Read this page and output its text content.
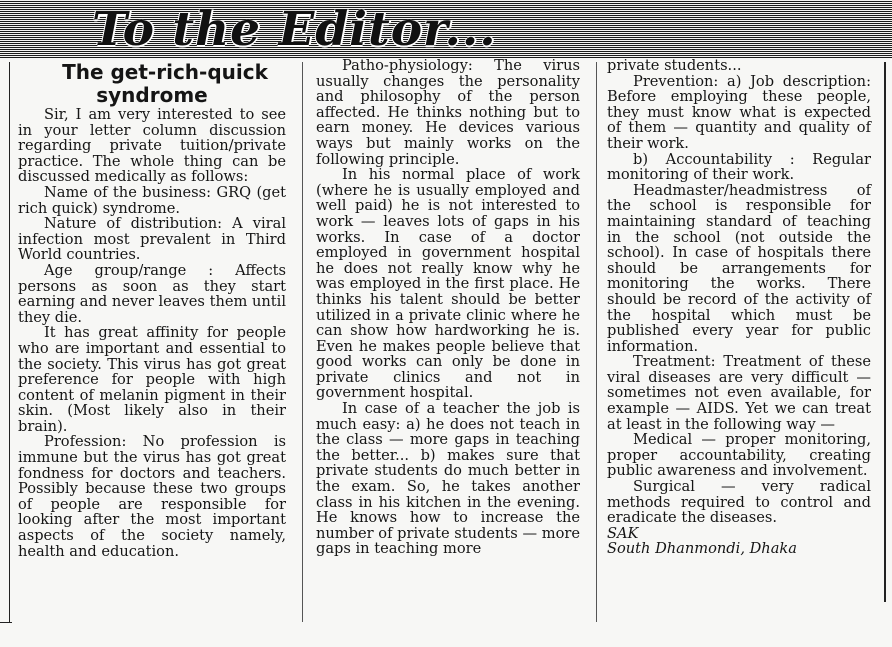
To the Editor...

The get-rich-quick syndrome

Sir, I am very interested to see in your letter column discussion regarding private tuition/private practice. The whole thing can be discussed medically as follows:

Name of the business: GRQ (get rich quick) syndrome.

Nature of distribution: A viral infection most prevalent in Third World countries.

Age group/range : Affects persons as soon as they start earning and never leaves them until they die.

It has great affinity for people who are important and essential to the society. This virus has got great preference for people with high content of melanin pigment in their skin. (Most likely also in their brain).

Profession: No profession is immune but the virus has got great fondness for doctors and teachers. Possibly because these two groups of people are responsible for looking after the most important aspects of the society namely, health and education.

Patho-physiology: The virus usually changes the personality and philosophy of the person affected. He thinks nothing but to earn money. He devices various ways but mainly works on the following principle.

In his normal place of work (where he is usually employed and well paid) he is not interested to work — leaves lots of gaps in his works. In case of a doctor employed in government hospital he does not really know why he was employed in the first place. He thinks his talent should be better utilized in a private clinic where he can show how hardworking he is. Even he makes people believe that good works can only be done in private clinics and not in government hospital.

In case of a teacher the job is much easy: a) he does not teach in the class — more gaps in teaching the better... b) makes sure that private students do much better in the exam. So, he takes another class in his kitchen in the evening. He knows how to increase the number of private students — more gaps in teaching more

private students...

Prevention: a) Job description: Before employing these people, they must know what is expected of them — quantity and quality of their work.

b) Accountability : Regular monitoring of their work.

Headmaster/headmistress of the school is responsible for maintaining standard of teaching in the school (not outside the school). In case of hospitals there should be arrangements for monitoring the works. There should be record of the activity of the hospital which must be published every year for public information.

Treatment: Treatment of these viral diseases are very difficult — sometimes not even available, for example — AIDS. Yet we can treat at least in the following way —

Medical — proper monitoring, proper accountability, creating public awareness and involvement.

Surgical — very radical methods required to control and eradicate the diseases.

SAK

South Dhanmondi, Dhaka
